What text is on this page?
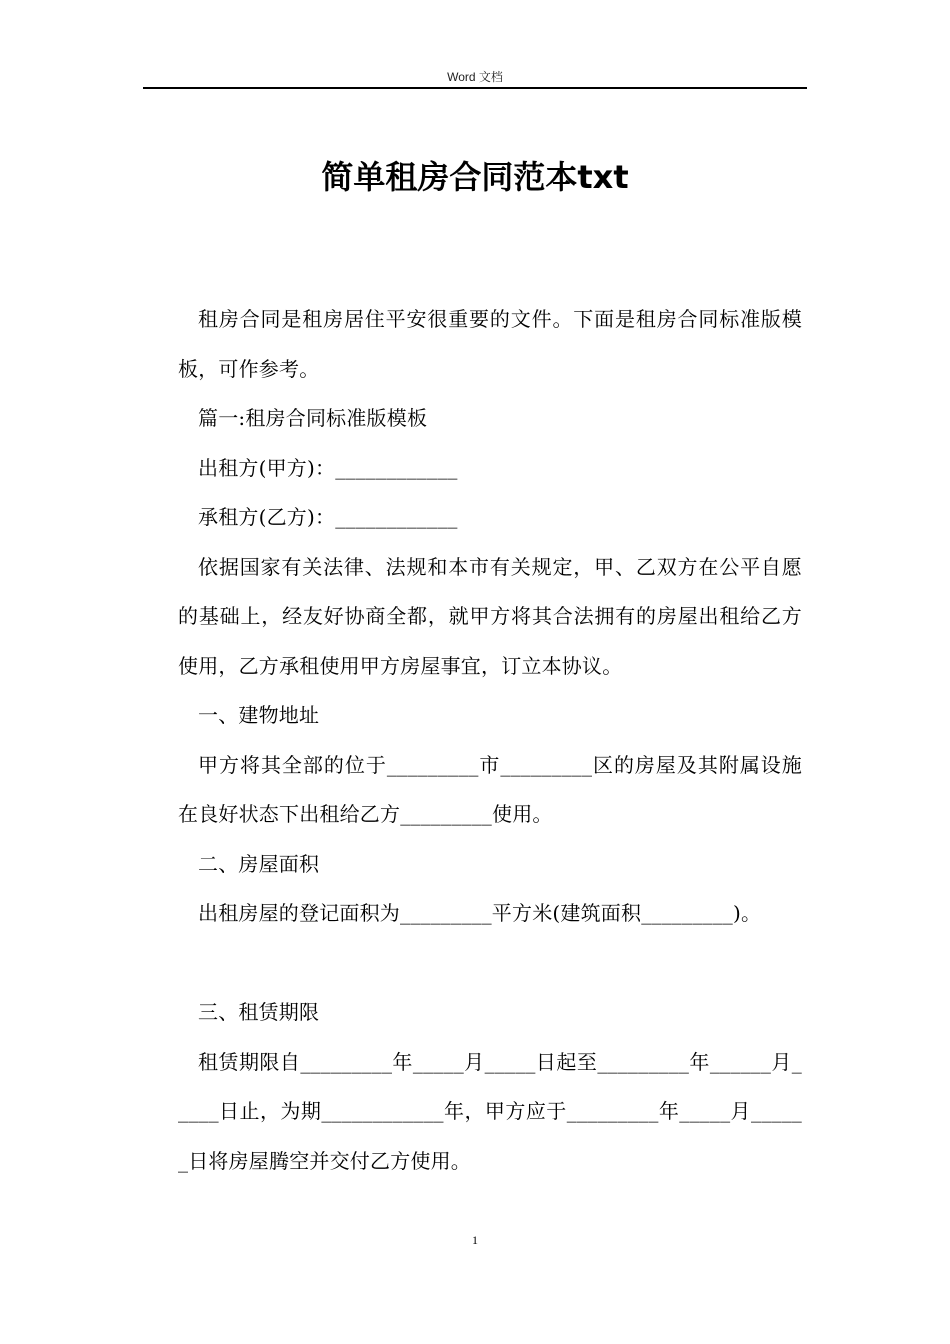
Word 文档
简单租房合同范本txt

租房合同是租房居住平安很重要的文件。下面是租房合同标准版模板，可作参考。

篇一:租房合同标准版模板

出租方(甲方)：____________

承租方(乙方)：____________

依据国家有关法律、法规和本市有关规定，甲、乙双方在公平自愿的基础上，经友好协商全都，就甲方将其合法拥有的房屋出租给乙方使用，乙方承租使用甲方房屋事宜，订立本协议。

一、建物地址

甲方将其全部的位于_________市_________区的房屋及其附属设施在良好状态下出租给乙方_________使用。

二、房屋面积

出租房屋的登记面积为_________平方米(建筑面积_________)。

三、租赁期限

租赁期限自_________年_____月_____日起至_________年______月_____日止，为期____________年，甲方应于_________年_____月______日将房屋腾空并交付乙方使用。

1
